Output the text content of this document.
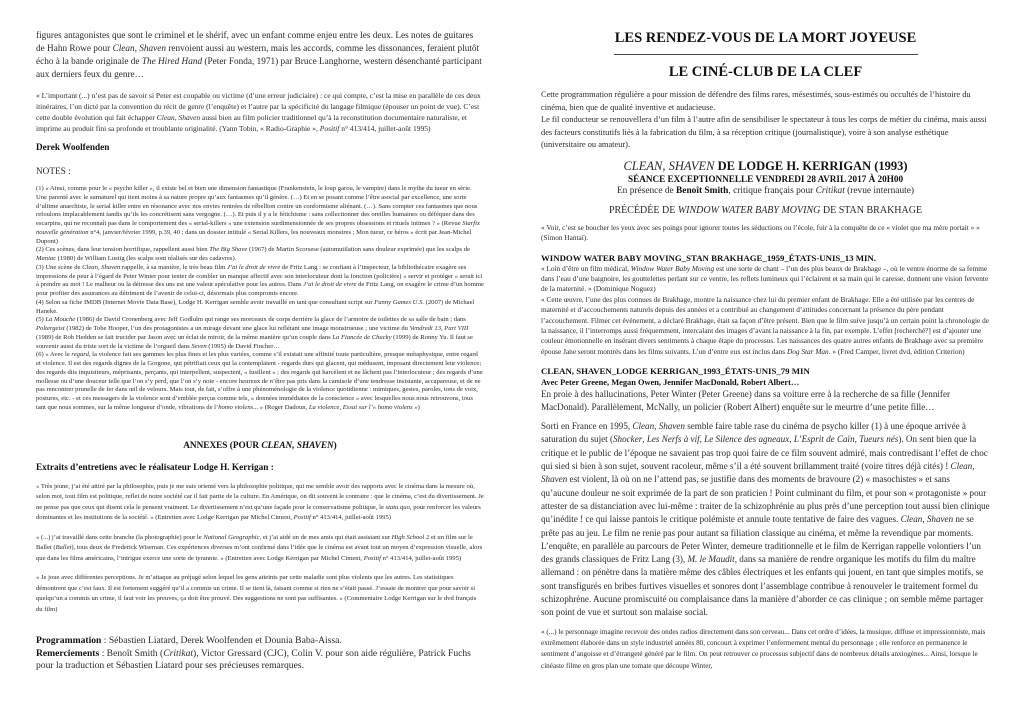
figures antagonistes que sont le criminel et le shérif, avec un enfant comme enjeu entre les deux. Les notes de guitares de Hahn Rowe pour Clean, Shaven renvoient aussi au western, mais les accords, comme les dissonances, feraient plutôt écho à la bande originale de The Hired Hand (Peter Fonda, 1971) par Bruce Langhorne, western désenchanté participant aux derniers feux du genre…

« L’important (...) n’est pas de savoir si Peter est coupable ou victime (d’une erreur judiciaire) : ce qui compte, c’est la mise en parallèle de ces deux itinéraires, l’un dicté par la convention du récit de genre (l’enquête) et l’autre par la spécificité du langage filmique (épouser un point de vue). C’est cette double évolution qui fait échapper Clean, Shaven aussi bien au film policier traditionnel qu’à la reconstitution documentaire naturaliste, et imprime au produit fini sa profonde et troublante originalité. (Yann Tobin, « Radio-Graphie », Positif n° 413/414, juillet-août 1995)

Derek Woolfenden

NOTES :

(1) « Ainsi, comme pour le « psycho killer », il existe bel et bien une dimension fantastique (Frankenstein, le loup garou, le vampire) dans le mythe du tueur en série. Une parenté avec le surnaturel qui tient moins à sa nature propre qu’aux fantasmes qu’il génère. (…) Et en se posant comme l’être asocial par excellence, une sorte d’ultime anarchiste, le serial killer entre en résonance avec nos envies rentrées de rébellion contre un conformisme aliénant. (…). Sans compter ces fantasmes que nous refoulons implacablement tandis qu’ils les concrétisent sans vergogne. (…). Et puis il y a le fétichisme : sans collectionner des oreilles humaines ou déféquer dans des escarpins, qui ne reconnaît pas dans le comportement des « serial-killers » une extension surdimensionnée de ses propres obsessions et rituels intimes ? » (Revue Starfix nouvelle génération n°4, janvier/février 1999, p.39, 40 ; dans un dossier intitulé « Serial Killers, les nouveaux monstres ; Mon tueur, ce héros » écrit par Jean-Michel Dupont)

(2) Ces scènes, dans leur tension horrifique, rappellent aussi bien The Big Shave (1967) de Martin Scorsese (automutilation sans douleur exprimée) que les scalps de Maniac (1980) de William Lustig (les scalps sont réalisés sur des cadavres).

(3) Une scène de Clean, Shaven rappelle, à sa manière, le très beau film J’ai le droit de vivre de Fritz Lang : se confiant à l’inspecteur, la bibliothécaire exagère ses impressions de peur à l’égard de Peter Winter pour tenter de combler un manque affectif avec son interlocuteur dont la fonction (policière) « servir et protéger » serait ici à prendre au mot ! Le malheur ou la détresse des uns est une valeur spéculative pour les autres. Dans J’ai le droit de vivre de Fritz Lang, on exagère le crime d’un homme pour profiter des assurances au détriment de l’avenir de celui-ci, désormais plus compromis encore.

(4) Selon sa fiche IMDB (Internet Movie Data Base), Lodge H. Kerrigan semble avoir travaillé en tant que consultant script sur Funny Games U.S. (2007) de Michael Haneke.

(5) La Mouche (1986) de David Cronenberg avec Jeff Godlulm qui range ses morceaux de corps derrière la glace de l’armoire de toilettes de sa salle de bain ; dans Poltergeist (1982) de Tobe Hooper, l’un des protagonistes a un mirage devant une glace lui reflétant une image monstrueuse ; une victime du Vendredi 13, Part VIII (1989) de Rob Hedden se fait trucider par Jason avec un éclat de miroir, de la même manière qu’un couple dans La Fiancée de Chucky (1999) de Ronny Yu. Il faut se souvenir aussi du triste sort de la victime de l’orgueil dans Seven (1995) de David Fincher…

(6) « Avec le regard, la violence fait ses gammes les plus fines et les plus variées, comme s’il existait une affinité toute particulière, presque métaphysique, entre regard et violence. Il est des regards dignes de la Gorgone, qui pétrifiait ceux qui la contemplaient - regards durs qui glacent, qui médusent, imposant directement leur violence; des regards dits inquisiteurs, méprisants, perçants, qui interpellent, suspectent, « fusillent » ; des regards qui harcèlent et ne lâchent pas l’interlocuteur ; des regards d’une mollesse ou d’une douceur telle que l’on s’y perd, que l’on s’y noie - encore heureux de n’être pas pris dans la camisole d’une tendresse insistante, accapareuse, et de ne pas rencontrer prunelle de fer dans œil de velours. Mais tout, de fait, s’offre à une phénoménologie de la violence quotidienne : mimiques, gestes, paroles, tons de voix, postures, etc. - et ces messagers de la violence sont d’emblée perçus comme tels, « données immédiates de la conscience » avec lesquelles nous nous retrouvons, tous tant que nous sommes, sur la même longueur d’onde, vibrations de l’homo violens... » (Roger Dadoun, La violence, Essai sur l’« homo violens »)

ANNEXES (POUR CLEAN, SHAVEN)

Extraits d’entretiens avec le réalisateur Lodge H. Kerrigan :

« Très jeune, j’ai été attiré par la philosophie, puis je me suis orienté vers la philosophie politique, qui me semble avoir des rapports avec le cinéma dans la mesure où, selon moi, tout film est politique, reflet de notre société car il fait partie de la culture. En Amérique, on dit souvent le contraire : que le cinéma, c’est du divertissement. Je ne pense pas que ceux qui disent cela le pensent vraiment. Le divertissement n’est qu’une façade pour le conservatisme politique, le statu quo, pour renforcer les valeurs dominantes et les institutions de la société. » (Entretien avec Lodge Kerrigan par Michel Ciment, Positif n° 413/414, juillet-août 1995)

« (...) j’ai travaillé dans cette branche (la photographie) pour le National Geographic, et j’ai aidé un de mes amis qui était assistant sur High School 2 et un film sur le Ballet (Ballet), tous deux de Frederick Wiseman. Ces expériences diverses m’ont confirmé dans l’idée que le cinéma est avant tout un moyen d’expression visuelle, alors que dans les films américains, l’intrigue exerce une sorte de tyrannie. » (Entretien avec Lodge Kerrigan par Michel Ciment, Positif n° 413/414, juillet-août 1995)

« Je joue avec différentes perceptions. Je m’attaque au préjugé selon lequel les gens atteints par cette maladie sont plus violents que les autres. Les statistiques démontrent que c’est faux. Il est fortement suggéré qu’il a commis un crime. Il se tient là, faisant comme si rien ne s’était passé. J’essaie de montrer que pour savoir si quelqu’un a commis un crime, il faut voir les preuves, ça doit être prouvé. Des suggestions ne sont pas suffisantes. » (Commentaire Lodge Kerrigan sur le dvd français du film)

Programmation : Sébastien Liatard, Derek Woolfenden et Dounia Baba-Aissa.

Remerciements : Benoît Smith (Critikat), Victor Gressard (CJC), Colin V. pour son aide régulière, Patrick Fuchs pour la traduction et Sébastien Liatard pour ses précieuses remarques.

LES RENDEZ-VOUS DE LA MORT JOYEUSE
LE CINÉ-CLUB DE LA CLEF

Cette programmation régulière a pour mission de défendre des films rares, mésestimés, sous-estimés ou occultés de l’histoire du cinéma, bien que de qualité inventive et audacieuse.

Le fil conducteur se renouvellera d’un film à l’autre afin de sensibiliser le spectateur à tous les corps de métier du cinéma, mais aussi des facteurs constitutifs liés à la fabrication du film, à sa réception critique (journalistique), voire à son analyse esthétique (universitaire ou amateur).

CLEAN, SHAVEN DE LODGE H. KERRIGAN (1993)

SÉANCE EXCEPTIONNELLE VENDREDI 28 AVRIL 2017 À 20H00

En présence de Benoît Smith, critique français pour Critikat (revue internaute)

PRÉCÉDÉE DE WINDOW WATER BABY MOVING DE STAN BRAKHAGE

« Voir, c’est se boucher les yeux avec ses poings pour ignorer toutes les séductions ou l’école, fuir à la conquête de ce « violet que ma mère portait » » (Simon Hantaï).

WINDOW WATER BABY MOVING_STAN BRAKHAGE_1959_ÉTATS-UNIS_13 MIN.

« Loin d’être un film médical, Window Water Baby Moving est une sorte de chant – l’un des plus beaux de Brakhage –, où le ventre énorme de sa femme dans l’eau d’une baignoire, les gouttelettes perlant sur ce ventre, les reflets lumineux qui l’éclairent et sa main qui le caresse, donnent une vision fervente de la maternité. » (Dominique Noguez)

« Cette œuvre, l’une des plus connues de Brakhage, montre la naissance chez lui du premier enfant de Brakhage. Elle a été utilisée par les centres de maternité et d’accouchements naturels depuis des années et a contribué au changement d’attitudes concernant la présence du père pendant l’accouchement. Filmer cet événement, a déclaré Brakhage, était sa façon d’être présent. Bien que le film suive jusqu’à un certain point la chronologie de la naissance, il l’interromps aussi fréquemment, intercalant des images d’avant la naissance à la fin, par exemple. L’effet [recherché?] est d’ajouter une couleur émotionnelle en insérant divers sentiments à chaque étape du processus. Les naissances des quatre autres enfants de Brakhage avec sa première épouse Jane seront montrés dans les films suivants. L’un d’entre eux est inclus dans Dog Star Man. » (Fred Camper, livret dvd, édition Criterion)

CLEAN, SHAVEN_LODGE KERRIGAN_1993_ÉTATS-UNIS_79 MIN

Avec Peter Greene, Megan Owen, Jennifer MacDonald, Robert Albert…

En proie à des hallucinations, Peter Winter (Peter Greene) dans sa voiture erre à la recherche de sa fille (Jennifer MacDonald). Parallèlement, McNally, un policier (Robert Albert) enquête sur le meurtre d’une petite fille…

Sorti en France en 1995, Clean, Shaven semble faire table rase du cinéma de psycho killer (1) à une époque arrivée à saturation du sujet (Shocker, Les Nerfs à vif, Le Silence des agneaux, L’Esprit de Caïn, Tueurs nés). On sent bien que la critique et le public de l’époque ne savaient pas trop quoi faire de ce film souvent admiré, mais contredisant l’effet de choc qui sied si bien à son sujet, souvent racoleur, même s’il a été souvent brillamment traité (voire titres déjà cités) ! Clean, Shaven est violent, là où on ne l’attend pas, se justifie dans des moments de bravoure (2) « masochistes » et sans qu’aucune douleur ne soit exprimée de la part de son praticien ! Point culminant du film, et pour son « protagoniste » pour attester de sa distanciation avec lui-même : traiter de la schizophrénie au plus près d’une perception tout aussi bien clinique qu’inédite ! ce qui laisse pantois le critique polémiste et annule toute tentative de faire des vagues. Clean, Shaven ne se prête pas au jeu. Le film ne renie pas pour autant sa filiation classique au cinéma, et même la revendique par moments. L’enquête, en parallèle au parcours de Peter Winter, demeure traditionnelle et le film de Kerrigan rappelle volontiers l’un des grands classiques de Fritz Lang (3), M. le Maudit, dans sa manière de rendre organique les motifs du film du maître allemand : on pénètre dans la matière même des câbles électriques et les enfants qui jouent, en tant que simples motifs, se sont transfigurés en bribes furtives visuelles et sonores dont l’assemblage contribue à renouveler le traitement formel du schizophrène. Aucune promiscuité ou complaisance dans la manière d’aborder ce cas clinique ; on semble même partager son point de vue et surtout son malaise social.

« (...) le personnage imagine recevoir des ondes radios directement dans son cerveau... Dans cet ordre d’idées, la musique, diffuse et impressionniste, mais extrêmement élaborée dans un style industriel années 80, concourt à exprimer l’enfermement mental du personnage ; elle renforce en permanence le sentiment d’angoisse et d’étrangeté généré par le film. On peut retrouver ce processus subjectif dans de nombreux détails anxiogènes... Ainsi, lorsque le cinéaste filme en gros plan une tomate que découpe Winter,
